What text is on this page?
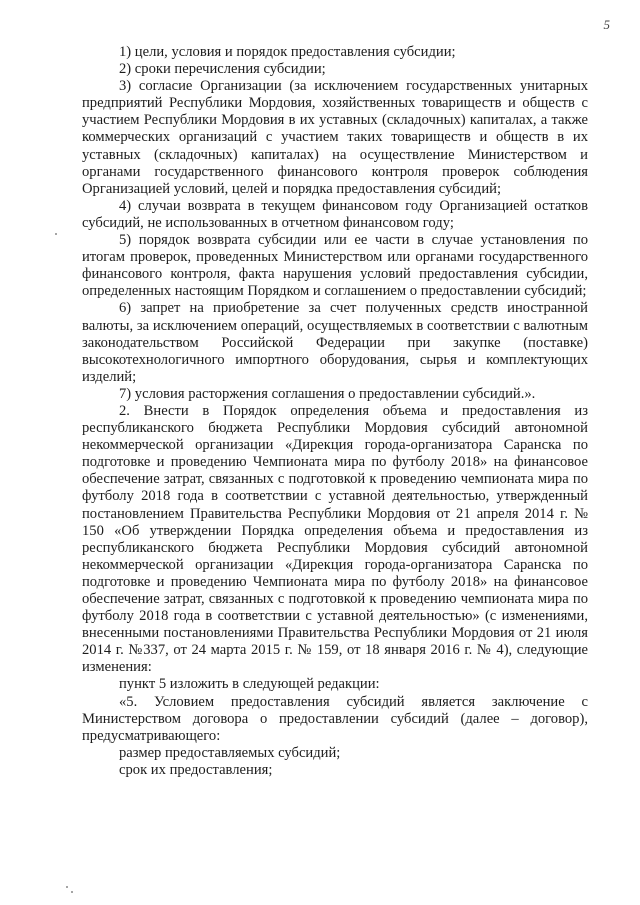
5

1) цели, условия и порядок предоставления субсидии;

2) сроки перечисления субсидии;

3) согласие Организации (за исключением государственных унитарных предприятий Республики Мордовия, хозяйственных товариществ и обществ с участием Республики Мордовия в их уставных (складочных) капиталах, а также коммерческих организаций с участием таких товариществ и обществ в их уставных (складочных) капиталах) на осуществление Министерством и органами государственного финансового контроля проверок соблюдения Организацией условий, целей и порядка предоставления субсидий;

4) случаи возврата в текущем финансовом году Организацией остатков субсидий, не использованных в отчетном финансовом году;

5) порядок возврата субсидии или ее части в случае установления по итогам проверок, проведенных Министерством или органами государственного финансового контроля, факта нарушения условий предоставления субсидии, определенных настоящим Порядком и соглашением о предоставлении субсидий;

6) запрет на приобретение за счет полученных средств иностранной валюты, за исключением операций, осуществляемых в соответствии с валютным законодательством Российской Федерации при закупке (поставке) высокотехнологичного импортного оборудования, сырья и комплектующих изделий;

7) условия расторжения соглашения о предоставлении субсидий.».

2. Внести в Порядок определения объема и предоставления из республиканского бюджета Республики Мордовия субсидий автономной некоммерческой организации «Дирекция города-организатора Саранска по подготовке и проведению Чемпионата мира по футболу 2018» на финансовое обеспечение затрат, связанных с подготовкой к проведению чемпионата мира по футболу 2018 года в соответствии с уставной деятельностью, утвержденный постановлением Правительства Республики Мордовия от 21 апреля 2014 г. № 150 «Об утверждении Порядка определения объема и предоставления из республиканского бюджета Республики Мордовия субсидий автономной некоммерческой организации «Дирекция города-организатора Саранска по подготовке и проведению Чемпионата мира по футболу 2018» на финансовое обеспечение затрат, связанных с подготовкой к проведению чемпионата мира по футболу 2018 года в соответствии с уставной деятельностью» (с изменениями, внесенными постановлениями Правительства Республики Мордовия от 21 июля 2014 г. №337, от 24 марта 2015 г. № 159, от 18 января 2016 г. № 4), следующие изменения:

пункт 5 изложить в следующей редакции:

«5. Условием предоставления субсидий является заключение с Министерством договора о предоставлении субсидий (далее – договор), предусматривающего:

размер предоставляемых субсидий;

срок их предоставления;
